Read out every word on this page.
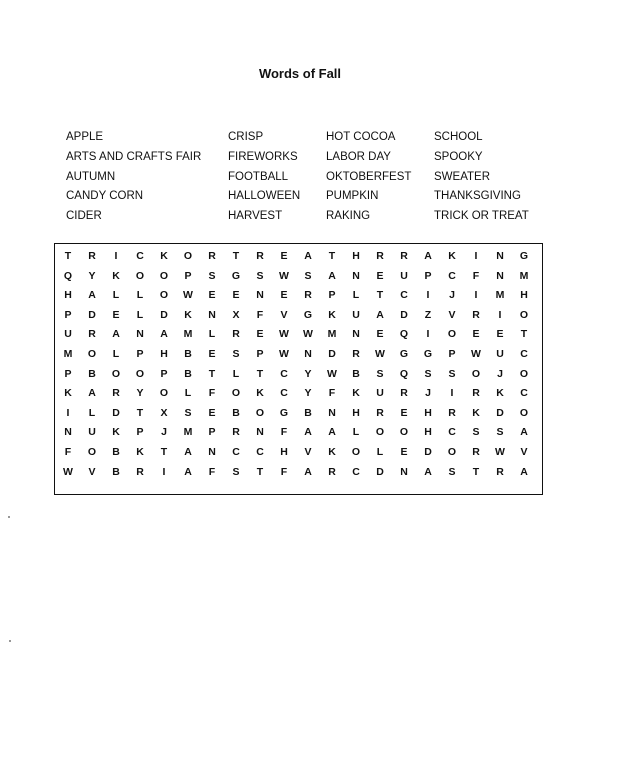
Words of Fall
APPLE
ARTS AND CRAFTS FAIR
AUTUMN
CANDY CORN
CIDER
CRISP
FIREWORKS
FOOTBALL
HALLOWEEN
HARVEST
HOT COCOA
LABOR DAY
OKTOBERFEST
PUMPKIN
RAKING
SCHOOL
SPOOKY
SWEATER
THANKSGIVING
TRICK OR TREAT
T	R	I	C	K	O	R	T	R	E	A	T	H	R	R	A	K	I	N	G
Q	Y	K	O	O	P	S	G	S	W	S	A	N	E	U	P	C	F	N	M
H	A	L	L	O	W	E	E	N	E	R	P	L	T	C	I	J	I	M	H
P	D	E	L	D	K	N	X	F	V	G	K	U	A	D	Z	V	R	I	O
U	R	A	N	A	M	L	R	E	W	W	M	N	E	Q	I	O	E	E	T
M	O	L	P	H	B	E	S	P	W	N	D	R	W	G	G	P	W	U	C
P	B	O	O	P	B	T	L	T	C	Y	W	B	S	Q	S	S	O	J	O
K	A	R	Y	O	L	F	O	K	C	Y	F	K	U	R	J	I	R	K	C
I	L	D	T	X	S	E	B	O	G	B	N	H	R	E	H	R	K	D	O
N	U	K	P	J	M	P	R	N	F	A	A	L	O	O	H	C	S	S	A
F	O	B	K	T	A	N	C	C	H	V	K	O	L	E	D	O	R	W	V
W	V	B	R	I	A	F	S	T	F	A	R	C	D	N	A	S	T	R	A
